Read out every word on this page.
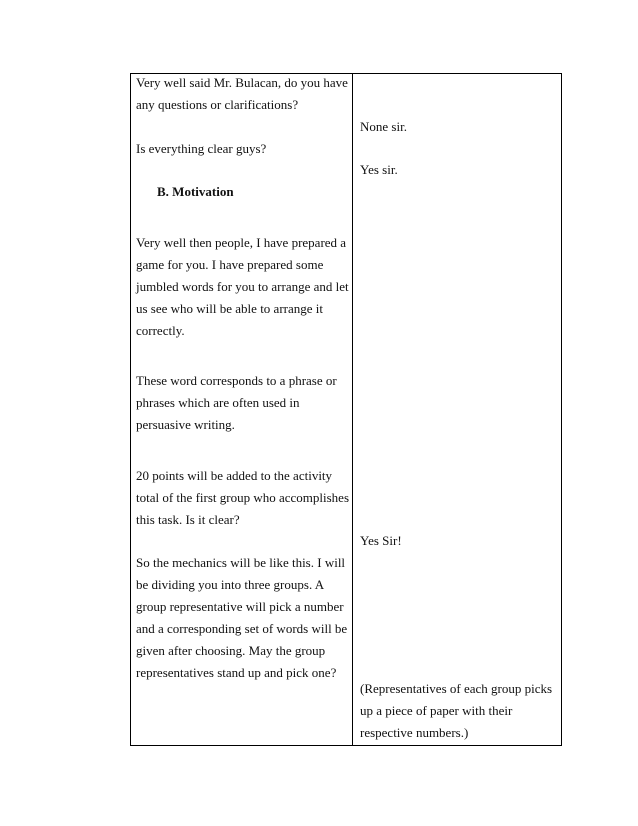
Very well said Mr. Bulacan, do you have

any questions or clarifications?

Is everything clear guys?

B. Motivation

Very well then people, I have prepared a

game for you. I have prepared some

jumbled words for you to arrange and let

us see who will be able to arrange it

correctly.

These word corresponds to a phrase or

phrases which are often used in

persuasive writing.

20 points will be added to the activity

total of the first group who accomplishes

this task. Is it clear?

So the mechanics will be like this. I will

be dividing you into three groups. A

group representative will pick a number

and a corresponding set of words will be

given after choosing. May the group

representatives stand up and pick one?

None sir.

Yes sir.

Yes Sir!

(Representatives of each group picks

up a piece of paper with their

respective numbers.)
